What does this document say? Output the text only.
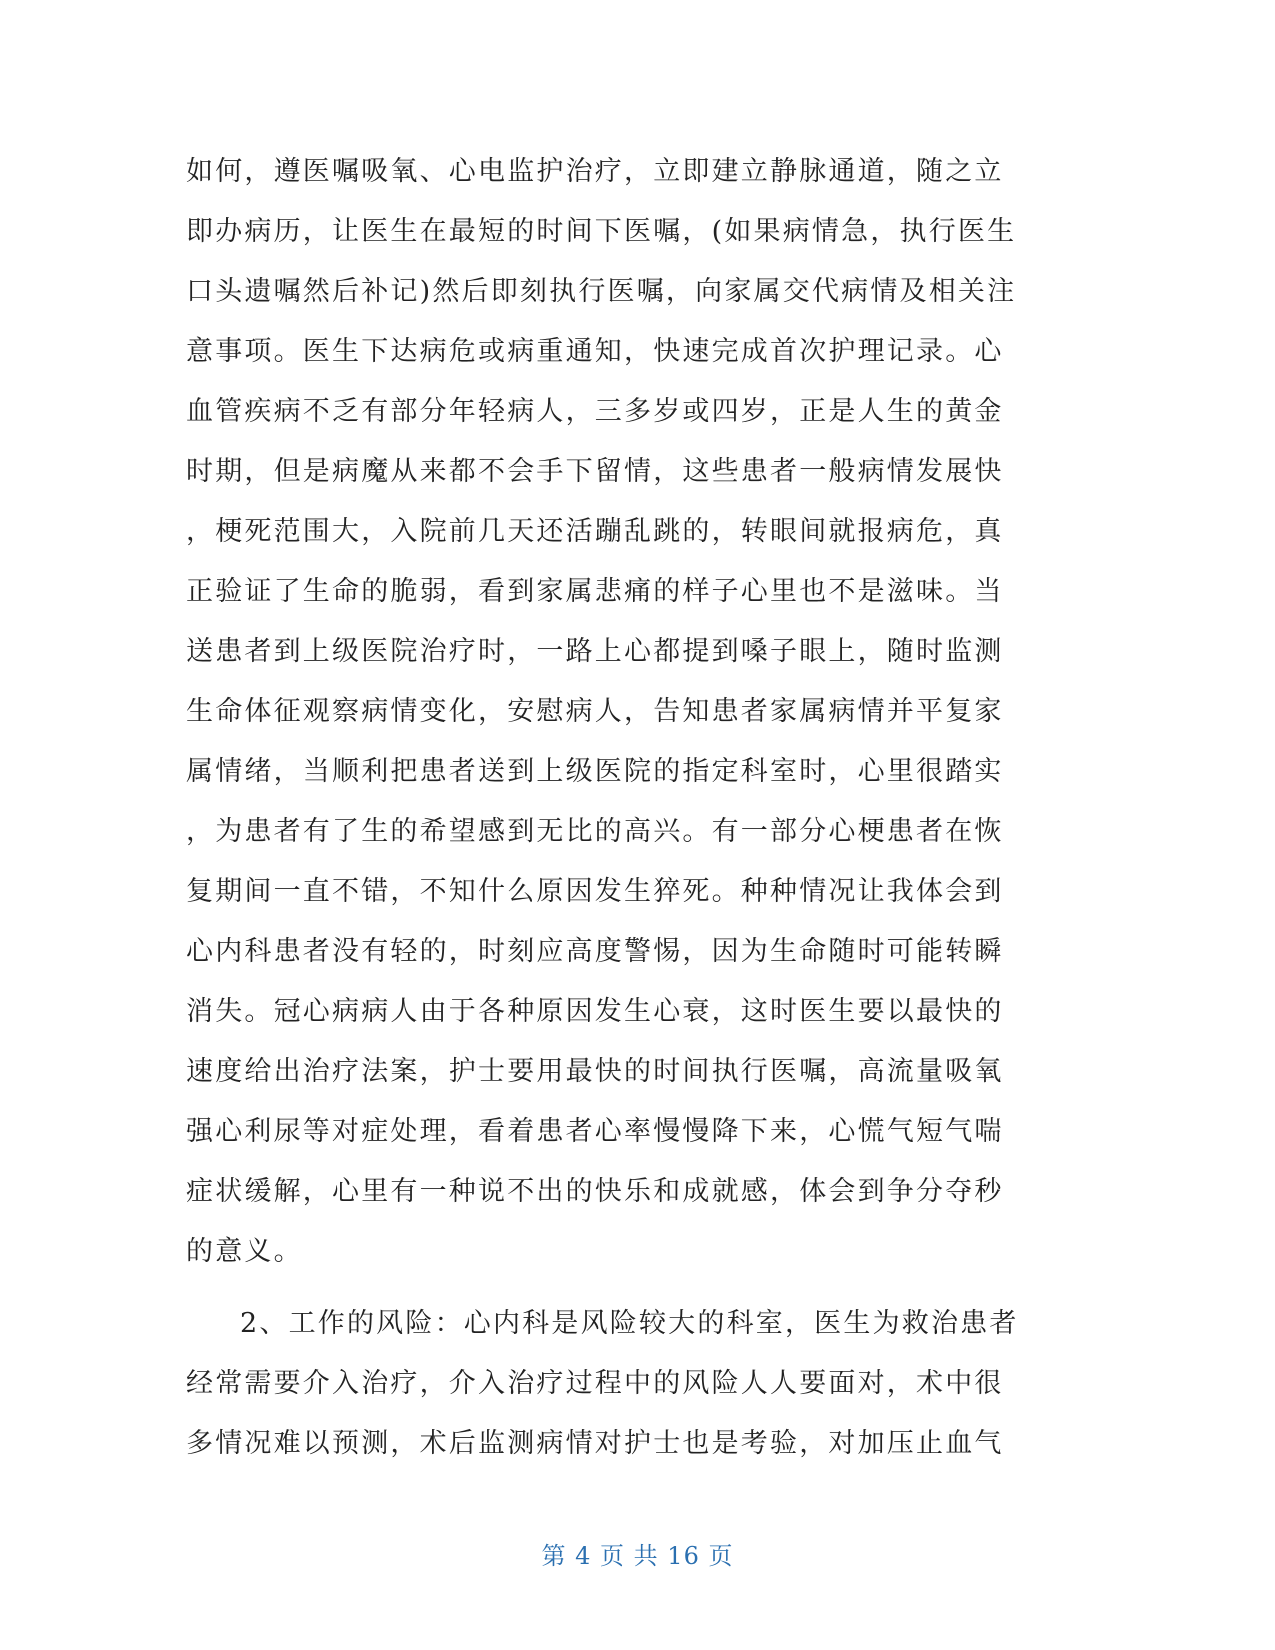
如何，遵医嘱吸氧、心电监护治疗，立即建立静脉通道，随之立
即办病历，让医生在最短的时间下医嘱，(如果病情急，执行医生
口头遗嘱然后补记)然后即刻执行医嘱，向家属交代病情及相关注
意事项。医生下达病危或病重通知，快速完成首次护理记录。心
血管疾病不乏有部分年轻病人，三多岁或四岁，正是人生的黄金
时期，但是病魔从来都不会手下留情，这些患者一般病情发展快
，梗死范围大，入院前几天还活蹦乱跳的，转眼间就报病危，真
正验证了生命的脆弱，看到家属悲痛的样子心里也不是滋味。当
送患者到上级医院治疗时，一路上心都提到嗓子眼上，随时监测
生命体征观察病情变化，安慰病人，告知患者家属病情并平复家
属情绪，当顺利把患者送到上级医院的指定科室时，心里很踏实
，为患者有了生的希望感到无比的高兴。有一部分心梗患者在恢
复期间一直不错，不知什么原因发生猝死。种种情况让我体会到
心内科患者没有轻的，时刻应高度警惕，因为生命随时可能转瞬
消失。冠心病病人由于各种原因发生心衰，这时医生要以最快的
速度给出治疗法案，护士要用最快的时间执行医嘱，高流量吸氧
强心利尿等对症处理，看着患者心率慢慢降下来，心慌气短气喘
症状缓解，心里有一种说不出的快乐和成就感，体会到争分夺秒
的意义。
2、工作的风险：心内科是风险较大的科室，医生为救治患者
经常需要介入治疗，介入治疗过程中的风险人人要面对，术中很
多情况难以预测，术后监测病情对护士也是考验，对加压止血气
第 4 页 共 16 页
